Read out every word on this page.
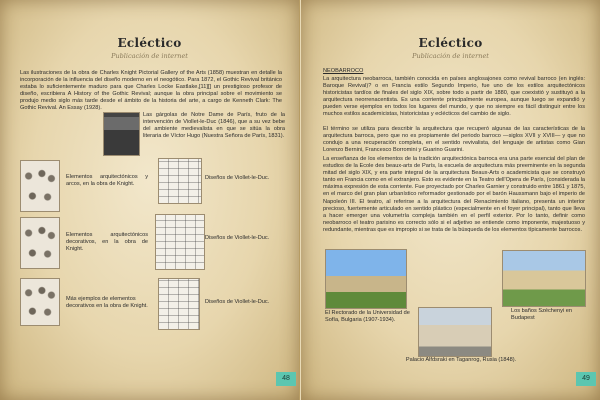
Ecléctico
Publicación de internet

Las ilustraciones de la obra de Charles Knight Pictorial Gallery of the Arts (1858) muestran en detalle la incorporación de la influencia del diseño moderno en el neogótico. Para 1872, el Gothic Revival británico estaba lo suficientemente maduro para que Charles Locke Eastlake,[11][] un prestigioso profesor de diseño, escribiera A History of the Gothic Revival; aunque la obra principal sobre el movimiento se produjo medio siglo más tarde desde el ámbito de la historia del arte, a cargo de Kenneth Clark: The Gothic Revival. An Essay (1928).

Las gárgolas de Notre Dame de París, fruto de la intervención de Viollet-le-Duc (1846), que a su vez bebe del ambiente medievalista en que se sitúa la obra literaria de Víctor Hugo (Nuestra Señora de París, 1831).

Elementos arquitectónicos y arcos, en la obra de Knight.

Diseños de Viollet-le-Duc.

Elementos arquitectónicos decorativos, en la obra de Knight.

Diseños de Viollet-le-Duc.

Más ejemplos de elementos decorativos en la obra de Knight.

Diseños de Viollet-le-Duc.

48
Ecléctico
Publicación de internet

NEOBARROCO

La arquitectura neobarroca, también conocida en países anglosajones como revival barroco (en inglés: Baroque Revival)? o en Francia estilo Segundo Imperio, fue uno de los estilos arquitectónicos historicistas tardíos de finales del siglo XIX, sobre todo a partir de 1880, que coexistió y sustituyó a la arquitectura neorrenacentista. Es una corriente principalmente europea, aunque luego se expandió y pueden verse ejemplos en todos los lugares del mundo, y que no siempre es fácil distinguir entre los muchos estilos academicistas, historicistas y eclécticos del cambio de siglo.

El término se utiliza para describir la arquitectura que recuperó algunas de las características de la arquitectura barroca, pero que no es propiamente del periodo barroco —siglos XVII y XVIII— y que no condujo a una recuperación completa, en el sentido revivalista, del lenguaje de artistas como Gian Lorenzo Bernini, Francesco Borromini y Guarino Guarini.

La enseñanza de los elementos de la tradición arquitectónica barroca era una parte esencial del plan de estudios de la Ecole des beaux-arts de París, la escuela de arquitectura más preeminente en la segunda mitad del siglo XIX, y era parte integral de la arquitectura Beaux-Arts o academicista que se construyó tanto en Francia como en el extranjero. Esto es evidente en la Teatro dell'Opera de París, (considerada la máxima expresión de esta corriente. Fue proyectado por Charles Garnier y construido entre 1861 y 1875, en el marco del gran plan urbanístico reformador gestionado por el barón Haussmann bajo el imperio de Napoleón III. El teatro, al referirse a la arquitectura del Renacimiento italiano, presenta un interior precioso, fuertemente articulado en sentido plástico (especialmente en el foyer principal), tanto que lleva a hacer emerger una volumetría compleja también en el perfil exterior. Por lo tanto, definir como neobarroco el teatro parisino es correcto sólo si el adjetivo se entiende como imponente, majestuoso y redundante, mientras que es impropio si se trata de la búsqueda de los elementos típicamente barrocos.

El Rectorado de la Universidad de Sofía, Bulgaria (1907-1934).

Palacio Alfdsraki en Taganrog, Rusia (1848).

Los baños Széchenyi en Budapest

49
